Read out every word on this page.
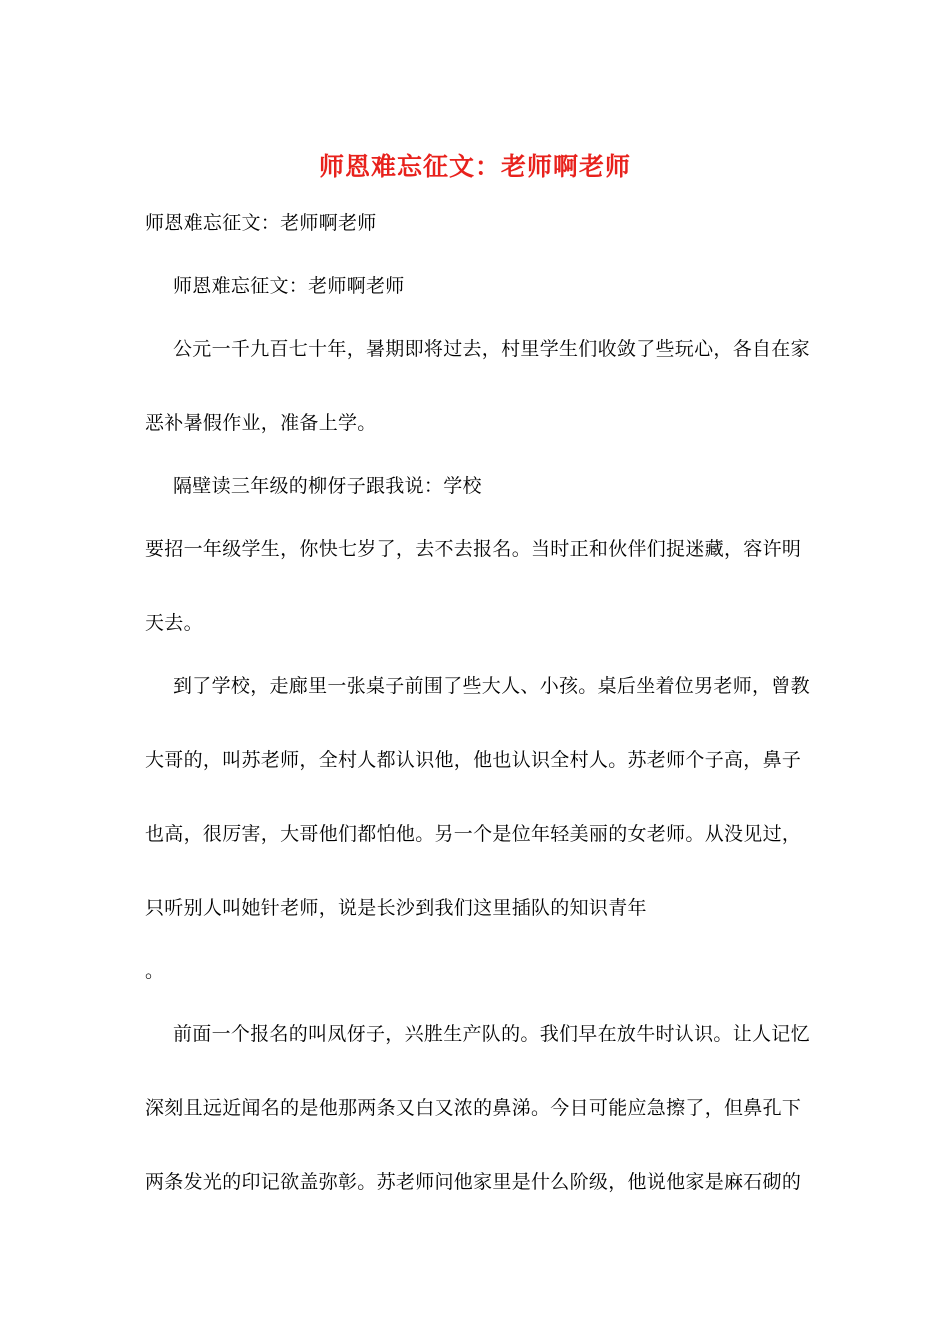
师恩难忘征文：老师啊老师
师恩难忘征文：老师啊老师
师恩难忘征文：老师啊老师
公元一千九百七十年，暑期即将过去，村里学生们收敛了些玩心，各自在家
恶补暑假作业，准备上学。
隔壁读三年级的柳伢子跟我说：学校
要招一年级学生，你快七岁了，去不去报名。当时正和伙伴们捉迷藏，容许明
天去。
到了学校，走廊里一张桌子前围了些大人、小孩。桌后坐着位男老师，曾教
大哥的，叫苏老师，全村人都认识他，他也认识全村人。苏老师个子高，鼻子
也高，很厉害，大哥他们都怕他。另一个是位年轻美丽的女老师。从没见过，
只听别人叫她针老师，说是长沙到我们这里插队的知识青年
。
前面一个报名的叫凤伢子，兴胜生产队的。我们早在放牛时认识。让人记忆
深刻且远近闻名的是他那两条又白又浓的鼻涕。今日可能应急擦了，但鼻孔下
两条发光的印记欲盖弥彰。苏老师问他家里是什么阶级，他说他家是麻石砌的
